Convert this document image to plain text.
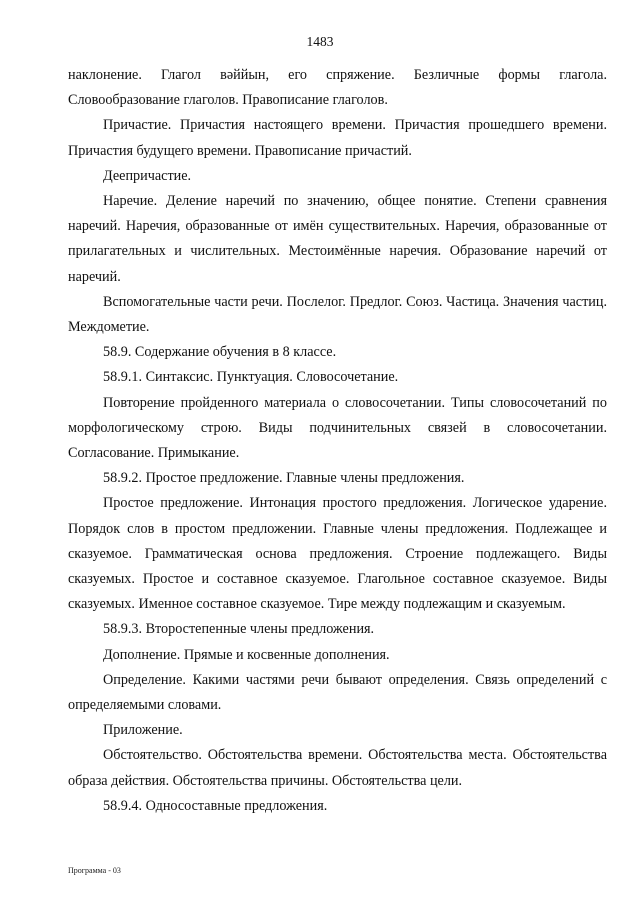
1483

наклонение. Глагол вәййын, его спряжение. Безличные формы глагола. Словообразование глаголов. Правописание глаголов.

Причастие. Причастия настоящего времени. Причастия прошедшего времени. Причастия будущего времени. Правописание причастий.

Деепричастие.

Наречие. Деление наречий по значению, общее понятие. Степени сравнения наречий. Наречия, образованные от имён существительных. Наречия, образованные от прилагательных и числительных. Местоимённые наречия. Образование наречий от наречий.

Вспомогательные части речи. Послелог. Предлог. Союз. Частица. Значения частиц. Междометие.

58.9. Содержание обучения в 8 классе.

58.9.1. Синтаксис. Пунктуация. Словосочетание.

Повторение пройденного материала о словосочетании. Типы словосочетаний по морфологическому строю. Виды подчинительных связей в словосочетании. Согласование. Примыкание.

58.9.2. Простое предложение. Главные члены предложения.

Простое предложение. Интонация простого предложения. Логическое ударение. Порядок слов в простом предложении. Главные члены предложения. Подлежащее и сказуемое. Грамматическая основа предложения. Строение подлежащего. Виды сказуемых. Простое и составное сказуемое. Глагольное составное сказуемое. Виды сказуемых. Именное составное сказуемое. Тире между подлежащим и сказуемым.

58.9.3. Второстепенные члены предложения.

Дополнение. Прямые и косвенные дополнения.

Определение. Какими частями речи бывают определения. Связь определений с определяемыми словами.

Приложение.

Обстоятельство. Обстоятельства времени. Обстоятельства места. Обстоятельства образа действия. Обстоятельства причины. Обстоятельства цели.

58.9.4. Односоставные предложения.

Программа - 03
